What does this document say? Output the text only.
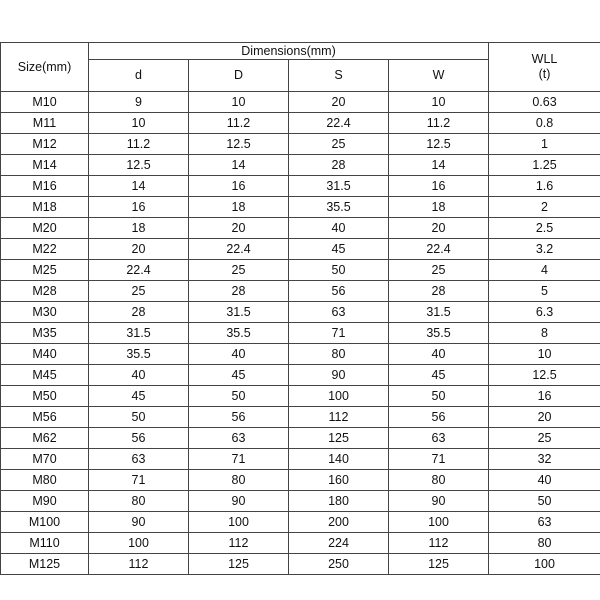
Size(mm)	Dimensions(mm)				WLL
(t)

	d	D	S	W	
M10	9	10	20	10	0.63
M11	10	11.2	22.4	11.2	0.8
M12	11.2	12.5	25	12.5	1
M14	12.5	14	28	14	1.25
M16	14	16	31.5	16	1.6
M18	16	18	35.5	18	2
M20	18	20	40	20	2.5
M22	20	22.4	45	22.4	3.2
M25	22.4	25	50	25	4
M28	25	28	56	28	5
M30	28	31.5	63	31.5	6.3
M35	31.5	35.5	71	35.5	8
M40	35.5	40	80	40	10
M45	40	45	90	45	12.5
M50	45	50	100	50	16
M56	50	56	112	56	20
M62	56	63	125	63	25
M70	63	71	140	71	32
M80	71	80	160	80	40
M90	80	90	180	90	50
M100	90	100	200	100	63
M110	100	112	224	112	80
M125	112	125	250	125	100
